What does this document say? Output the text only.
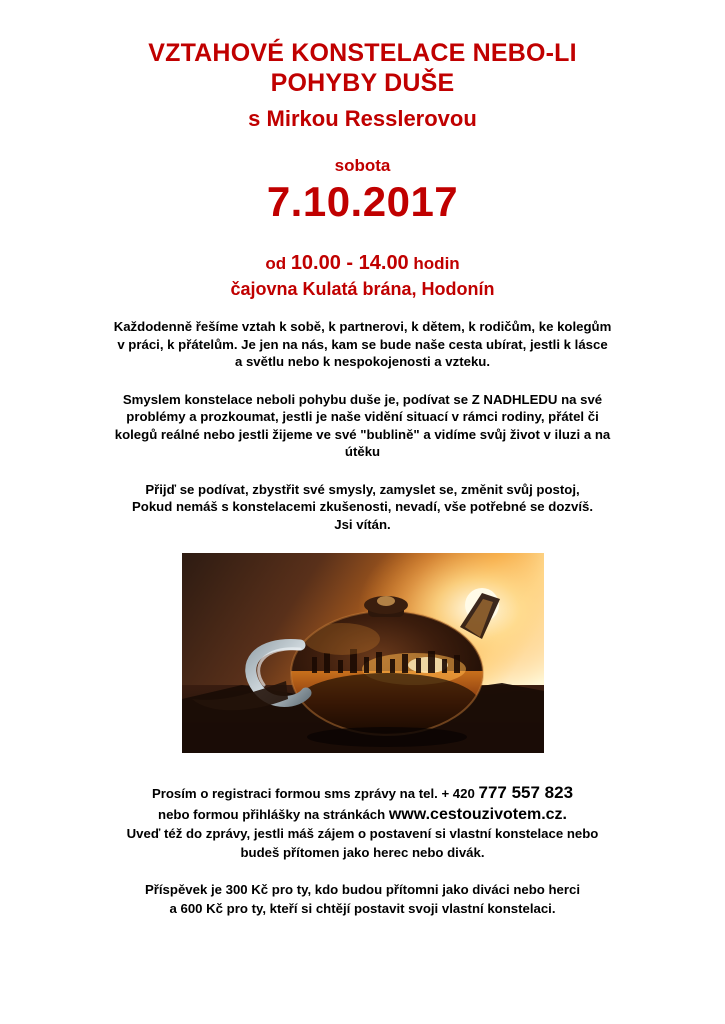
VZTAHOVÉ KONSTELACE NEBO-LI
POHYBY DUŠE
s Mirkou Resslerovou
sobota
7.10.2017
od 10.00 - 14.00 hodin
čajovna Kulatá brána, Hodonín
Každodenně řešíme vztah k sobě, k partnerovi, k dětem, k rodičům, ke kolegům
v práci, k přátelům. Je jen na nás, kam se bude naše cesta ubírat, jestli k lásce
a světlu nebo k nespokojenosti a vzteku.
Smyslem konstelace neboli pohybu duše je, podívat se Z NADHLEDU na své
problémy a prozkoumat, jestli je naše vidění situací v rámci rodiny, přátel či
kolegů reálné nebo jestli žijeme ve své "bublině" a vidíme svůj život v iluzi a na
útěku
Přijď se podívat, zbystřit své smysly, zamyslet se, změnit svůj postoj,
Pokud nemáš s konstelacemi zkušenosti, nevadí, vše potřebné se dozvíš.
Jsi vítán.
Prosím o registraci formou sms zprávy na tel. + 420 777 557 823
nebo formou přihlášky na stránkách www.cestouzivotem.cz.
Uveď též do zprávy, jestli máš zájem o postavení si vlastní konstelace nebo
budeš přítomen jako herec nebo divák.
Příspěvek je 300 Kč pro ty, kdo budou přítomni jako diváci nebo herci
a 600 Kč pro ty, kteří si chtějí postavit svoji vlastní konstelaci.
